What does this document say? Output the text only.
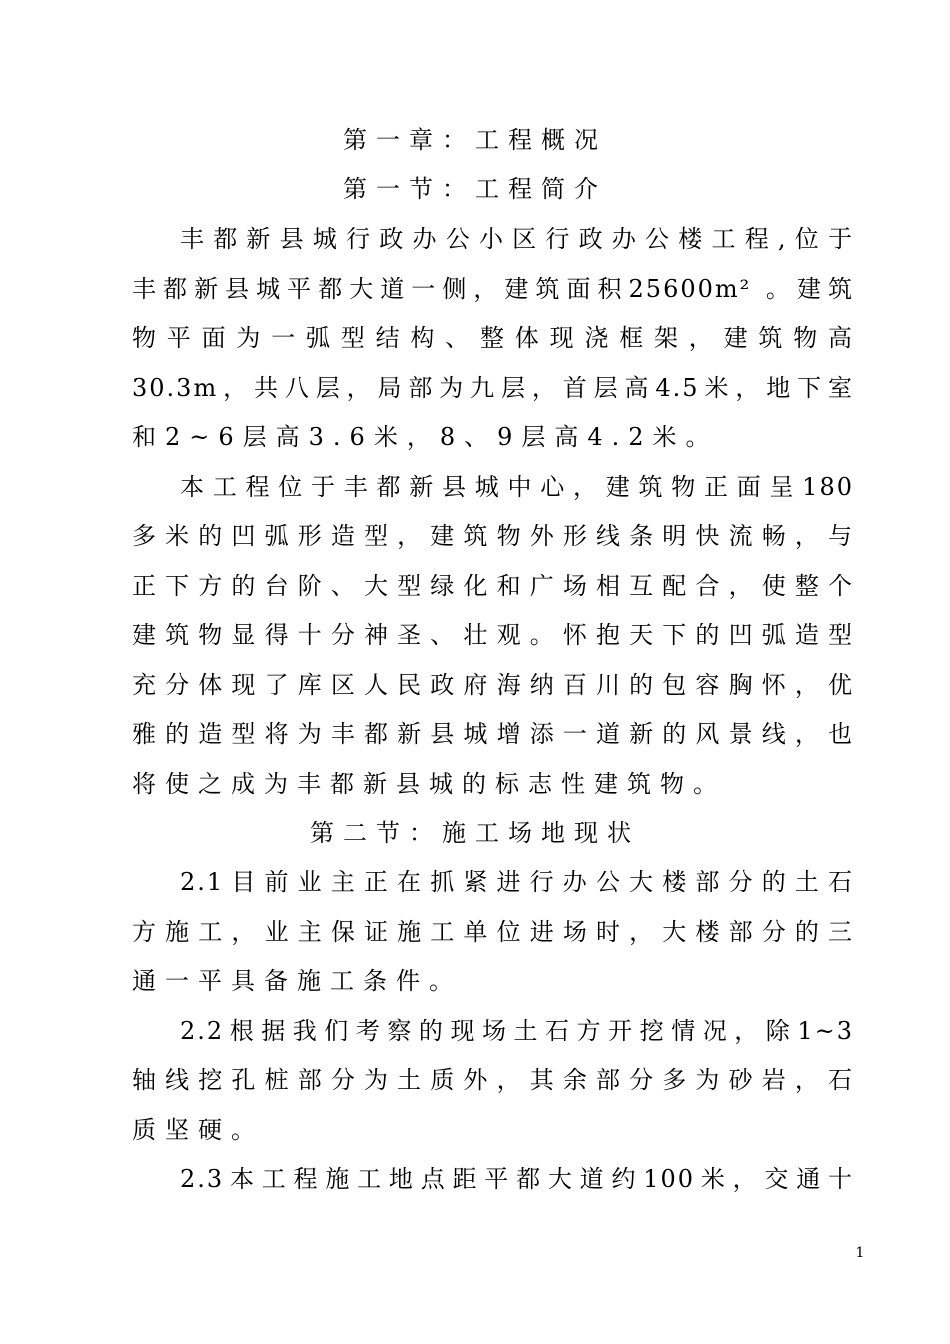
第一章：工程概况
第一节：工程简介
丰都新县城行政办公小区行政办公楼工程,位于
丰都新县城平都大道一侧，建筑面积25600m² 。建筑
物平面为一弧型结构、整体现浇框架，建筑物高
30.3m，共八层，局部为九层，首层高4.5米，地下室
和2~6层高3.6米，8、9层高4.2米。
本工程位于丰都新县城中心，建筑物正面呈180
多米的凹弧形造型，建筑物外形线条明快流畅，与
正下方的台阶、大型绿化和广场相互配合，使整个
建筑物显得十分神圣、壮观。怀抱天下的凹弧造型
充分体现了库区人民政府海纳百川的包容胸怀，优
雅的造型将为丰都新县城增添一道新的风景线，也
将使之成为丰都新县城的标志性建筑物。
第二节：施工场地现状
2.1目前业主正在抓紧进行办公大楼部分的土石
方施工，业主保证施工单位进场时，大楼部分的三
通一平具备施工条件。
2.2根据我们考察的现场土石方开挖情况，除1~3
轴线挖孔桩部分为土质外，其余部分多为砂岩，石
质坚硬。
2.3本工程施工地点距平都大道约100米，交通十
1
